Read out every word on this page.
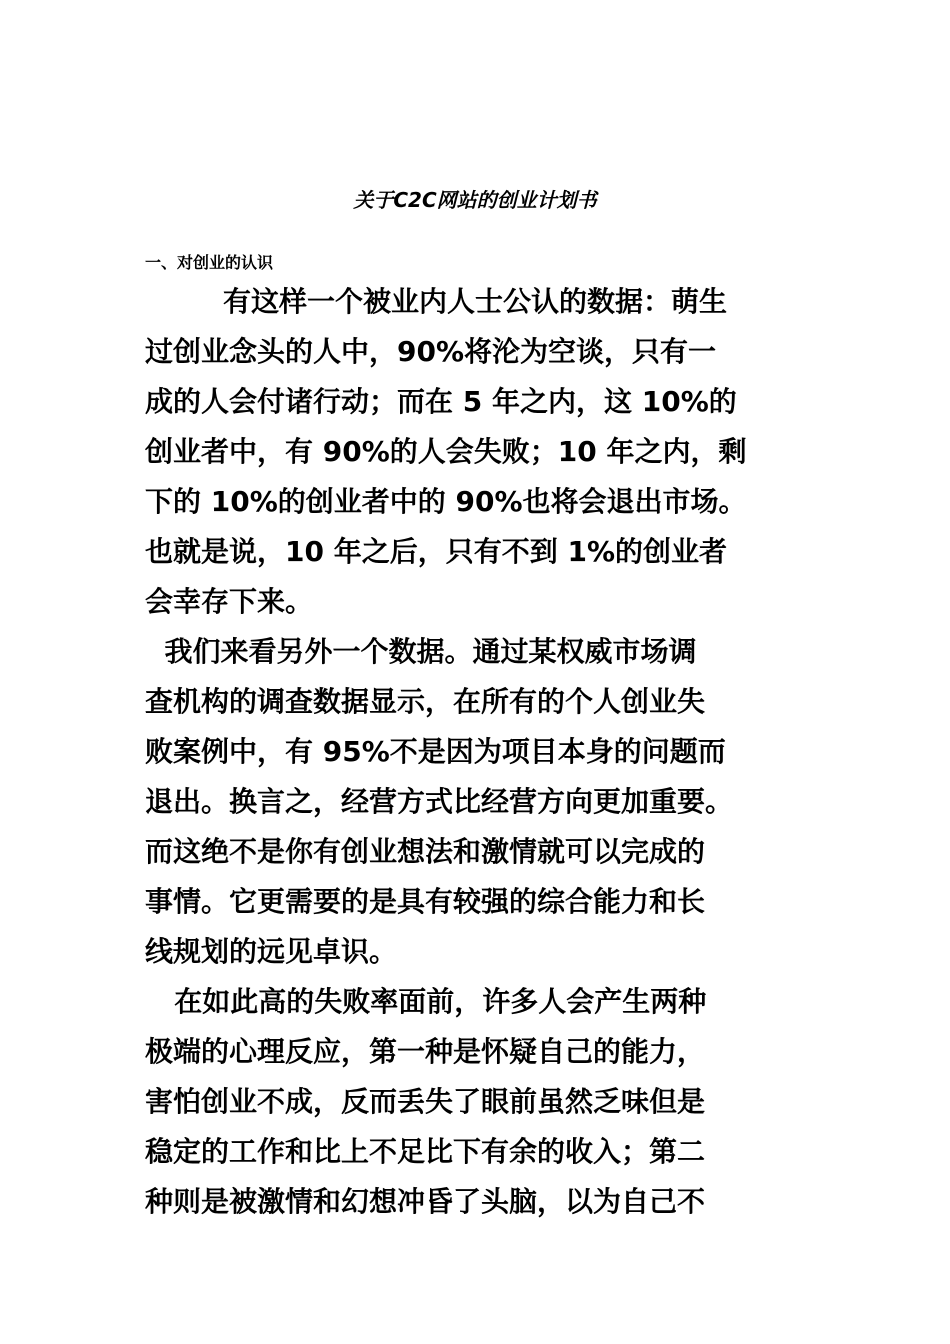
关于C2C网站的创业计划书
一、对创业的认识
有这样一个被业内人士公认的数据：萌生
过创业念头的人中，90%将沦为空谈，只有一
成的人会付诸行动；而在 5 年之内，这 10%的
创业者中，有 90%的人会失败；10 年之内，剩
下的 10%的创业者中的 90%也将会退出市场。
也就是说，10 年之后，只有不到 1%的创业者
会幸存下来。
我们来看另外一个数据。通过某权威市场调
查机构的调查数据显示，在所有的个人创业失
败案例中，有 95%不是因为项目本身的问题而
退出。换言之，经营方式比经营方向更加重要。
而这绝不是你有创业想法和激情就可以完成的
事情。它更需要的是具有较强的综合能力和长
线规划的远见卓识。
在如此高的失败率面前，许多人会产生两种
极端的心理反应，第一种是怀疑自己的能力，
害怕创业不成，反而丢失了眼前虽然乏味但是
稳定的工作和比上不足比下有余的收入；第二
种则是被激情和幻想冲昏了头脑，以为自己不
